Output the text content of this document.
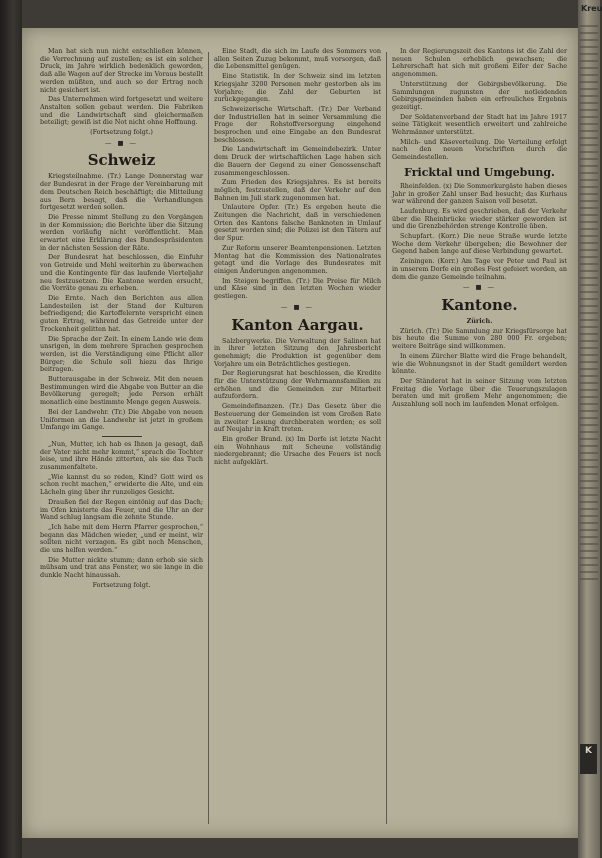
Man hat sich nun nicht entschließen können, die Verrechnung auf zustellen; es ist ein solcher Druck, im Jahre wirklich bedenklich geworden, daß alle Wagen auf der Strecke im Voraus bestellt werden müßten, und auch so der Ertrag noch nicht gesichert ist.

Das Unternehmen wird fortgesetzt und weitere Anstalten sollen gebaut werden. Die Fabriken und die Landwirtschaft sind gleichermaßen beteiligt; gewiß ist die Not nicht ohne Hoffnung.

(Fortsetzung folgt.)

— ■ —
Schweiz

Kriegsteilnahme. (Tr.) Lange Donnerstag war der Bundesrat in der Frage der Vereinbarung mit dem Deutschen Reich beschäftigt; die Mitteilung aus Bern besagt, daß die Verhandlungen fortgesetzt werden sollen.

Die Presse nimmt Stellung zu den Vorgängen in der Kommission; die Berichte über die Sitzung werden vorläufig nicht veröffentlicht. Man erwartet eine Erklärung des Bundespräsidenten in der nächsten Session der Räte.

Der Bundesrat hat beschlossen, die Einfuhr von Getreide und Mehl weiterhin zu überwachen und die Kontingente für das laufende Vierteljahr neu festzusetzen. Die Kantone werden ersucht, die Vorräte genau zu erheben.

Die Ernte. Nach den Berichten aus allen Landesteilen ist der Stand der Kulturen befriedigend; die Kartoffelernte verspricht einen guten Ertrag, während das Getreide unter der Trockenheit gelitten hat.

Die Sprache der Zeit. In einem Lande wie dem unsrigen, in dem mehrere Sprachen gesprochen werden, ist die Verständigung eine Pflicht aller Bürger; die Schule soll hiezu das Ihrige beitragen.

Butterausgabe in der Schweiz. Mit den neuen Bestimmungen wird die Abgabe von Butter an die Bevölkerung geregelt; jede Person erhält monatlich eine bestimmte Menge gegen Ausweis.

Bei der Landwehr. (Tr.) Die Abgabe von neuen Uniformen an die Landwehr ist jetzt in großem Umfange im Gange.

„Nun, Mutter, ich hab es Ihnen ja gesagt, daß der Vater nicht mehr kommt,“ sprach die Tochter leise, und ihre Hände zitterten, als sie das Tuch zusammenfaltete.

„Wie kannst du so reden, Kind? Gott wird es schon recht machen,“ erwiderte die Alte, und ein Lächeln ging über ihr runzeliges Gesicht.

Draußen fiel der Regen eintönig auf das Dach; im Ofen knisterte das Feuer, und die Uhr an der Wand schlug langsam die zehnte Stunde.

„Ich habe mit dem Herrn Pfarrer gesprochen,“ begann das Mädchen wieder, „und er meint, wir sollten nicht verzagen. Es gibt noch Menschen, die uns helfen werden.“

Die Mutter nickte stumm; dann erhob sie sich mühsam und trat ans Fenster, wo sie lange in die dunkle Nacht hinaussah.

Fortsetzung folgt.

Eine Stadt, die sich im Laufe des Sommers von allen Seiten Zuzug bekommt, muß vorsorgen, daß die Lebensmittel genügen.

Eine Statistik. In der Schweiz sind im letzten Kriegsjahr 3200 Personen mehr gestorben als im Vorjahre; die Zahl der Geburten ist zurückgegangen.

Schweizerische Wirtschaft. (Tr.) Der Verband der Industriellen hat in seiner Versammlung die Frage der Rohstoffversorgung eingehend besprochen und eine Eingabe an den Bundesrat beschlossen.

Die Landwirtschaft im Gemeindebezirk. Unter dem Druck der wirtschaftlichen Lage haben sich die Bauern der Gegend zu einer Genossenschaft zusammengeschlossen.

Zum Frieden des Kriegsjahres. Es ist bereits möglich, festzustellen, daß der Verkehr auf den Bahnen im Juli stark zugenommen hat.

Unlautere Opfer. (Tr.) Es ergeben heute die Zeitungen die Nachricht, daß in verschiedenen Orten des Kantons falsche Banknoten in Umlauf gesetzt worden sind; die Polizei ist den Tätern auf der Spur.

Zur Reform unserer Beamtenpensionen. Letzten Montag hat die Kommission des Nationalrates getagt und die Vorlage des Bundesrates mit einigen Änderungen angenommen.

Im Steigen begriffen. (Tr.) Die Preise für Milch und Käse sind in den letzten Wochen wieder gestiegen.

— ■ —
Kanton Aargau.

Salzbergwerke. Die Verwaltung der Salinen hat in ihrer letzten Sitzung den Jahresbericht genehmigt; die Produktion ist gegenüber dem Vorjahre um ein Beträchtliches gestiegen.

Der Regierungsrat hat beschlossen, die Kredite für die Unterstützung der Wehrmannsfamilien zu erhöhen und die Gemeinden zur Mitarbeit aufzufordern.

Gemeindefinanzen. (Tr.) Das Gesetz über die Besteuerung der Gemeinden ist vom Großen Rate in zweiter Lesung durchberaten worden; es soll auf Neujahr in Kraft treten.

Ein großer Brand. (x) Im Dorfe ist letzte Nacht ein Wohnhaus mit Scheune vollständig niedergebrannt; die Ursache des Feuers ist noch nicht aufgeklärt.

In der Regierungszeit des Kantons ist die Zahl der neuen Schulen erheblich gewachsen; die Lehrerschaft hat sich mit großem Eifer der Sache angenommen.

Unterstützung der Gebirgsbevölkerung. Die Sammlungen zugunsten der notleidenden Gebirgsgemeinden haben ein erfreuliches Ergebnis gezeitigt.

Der Soldatenverband der Stadt hat im Jahre 1917 seine Tätigkeit wesentlich erweitert und zahlreiche Wehrmänner unterstützt.

Milch- und Käseverteilung. Die Verteilung erfolgt nach den neuen Vorschriften durch die Gemeindestellen.

Fricktal und Umgebung.

Rheinfelden. (x) Die Sommerkurgäste haben dieses Jahr in großer Zahl unser Bad besucht; das Kurhaus war während der ganzen Saison voll besetzt.

Laufenburg. Es wird geschrieben, daß der Verkehr über die Rheinbrücke wieder stärker geworden ist und die Grenzbehörden strenge Kontrolle üben.

Schupfart. (Korr.) Die neue Straße wurde letzte Woche dem Verkehr übergeben; die Bewohner der Gegend haben lange auf diese Verbindung gewartet.

Zeiningen. (Korr.) Am Tage vor Peter und Paul ist in unserem Dorfe ein großes Fest gefeiert worden, an dem die ganze Gemeinde teilnahm.

— ■ —
Kantone.

Zürich.

Zürich. (Tr.) Die Sammlung zur Kriegsfürsorge hat bis heute die Summe von 280 000 Fr. ergeben; weitere Beiträge sind willkommen.

In einem Zürcher Blatte wird die Frage behandelt, wie die Wohnungsnot in der Stadt gemildert werden könnte.

Der Ständerat hat in seiner Sitzung vom letzten Freitag die Vorlage über die Teuerungszulagen beraten und mit großem Mehr angenommen; die Auszahlung soll noch im laufenden Monat erfolgen.

Kreu
K
